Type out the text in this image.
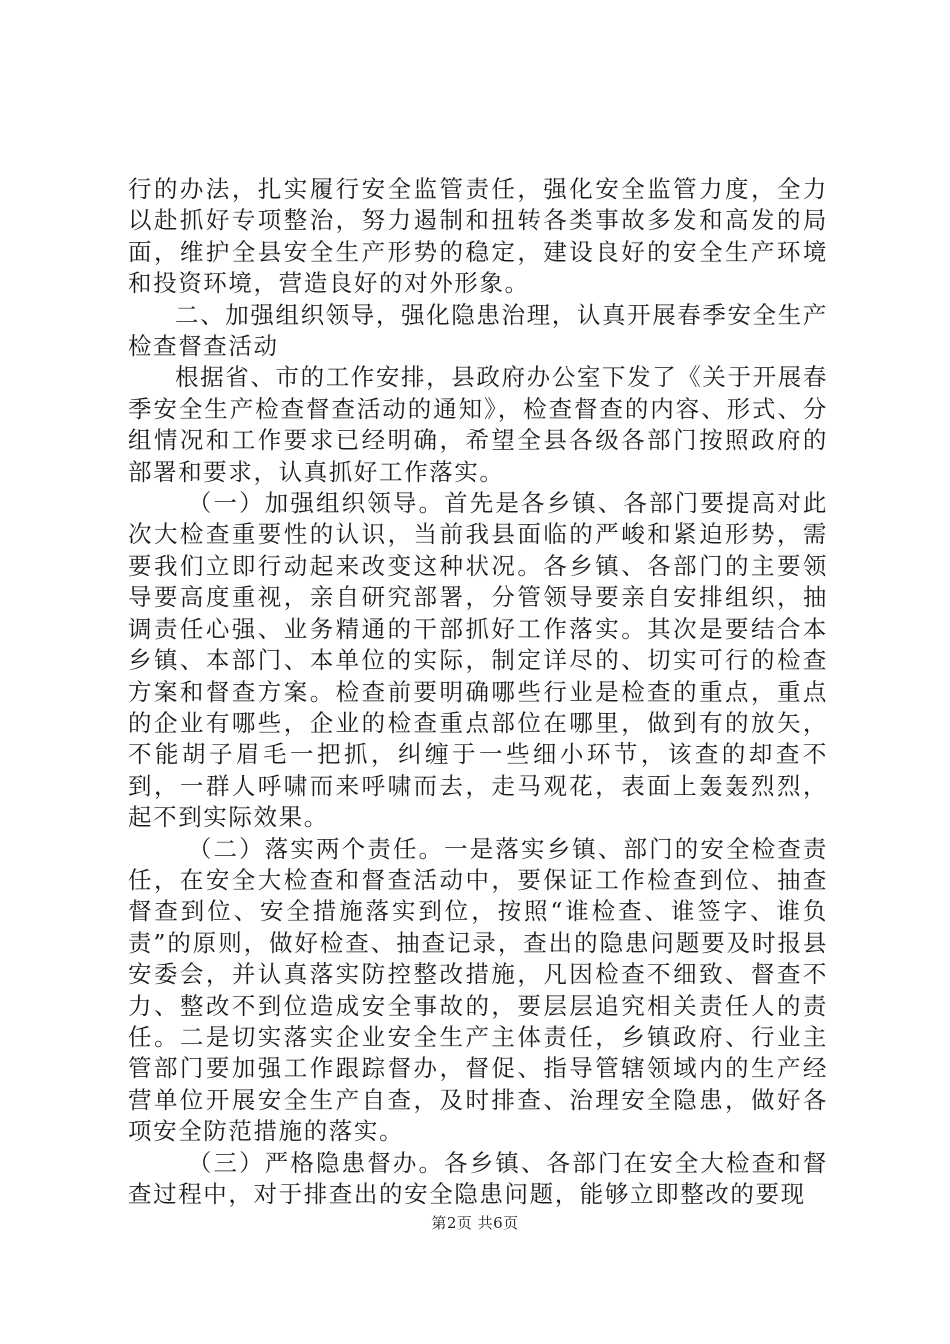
行的办法，扎实履行安全监管责任，强化安全监管力度，全力以赴抓好专项整治，努力遏制和扭转各类事故多发和高发的局面，维护全县安全生产形势的稳定，建设良好的安全生产环境和投资环境，营造良好的对外形象。

二、加强组织领导，强化隐患治理，认真开展春季安全生产检查督查活动

根据省、市的工作安排，县政府办公室下发了《关于开展春季安全生产检查督查活动的通知》，检查督查的内容、形式、分组情况和工作要求已经明确，希望全县各级各部门按照政府的部署和要求，认真抓好工作落实。

（一）加强组织领导。首先是各乡镇、各部门要提高对此次大检查重要性的认识，当前我县面临的严峻和紧迫形势，需要我们立即行动起来改变这种状况。各乡镇、各部门的主要领导要高度重视，亲自研究部署，分管领导要亲自安排组织，抽调责任心强、业务精通的干部抓好工作落实。其次是要结合本乡镇、本部门、本单位的实际，制定详尽的、切实可行的检查方案和督查方案。检查前要明确哪些行业是检查的重点，重点的企业有哪些，企业的检查重点部位在哪里，做到有的放矢，不能胡子眉毛一把抓，纠缠于一些细小环节，该查的却查不到，一群人呼啸而来呼啸而去，走马观花，表面上轰轰烈烈，起不到实际效果。

（二）落实两个责任。一是落实乡镇、部门的安全检查责任，在安全大检查和督查活动中，要保证工作检查到位、抽查督查到位、安全措施落实到位，按照“谁检查、谁签字、谁负责”的原则，做好检查、抽查记录，查出的隐患问题要及时报县安委会，并认真落实防控整改措施，凡因检查不细致、督查不力、整改不到位造成安全事故的，要层层追究相关责任人的责任。二是切实落实企业安全生产主体责任，乡镇政府、行业主管部门要加强工作跟踪督办，督促、指导管辖领域内的生产经营单位开展安全生产自查，及时排查、治理安全隐患，做好各项安全防范措施的落实。

（三）严格隐患督办。各乡镇、各部门在安全大检查和督查过程中，对于排查出的安全隐患问题，能够立即整改的要现

第2页 共6页
